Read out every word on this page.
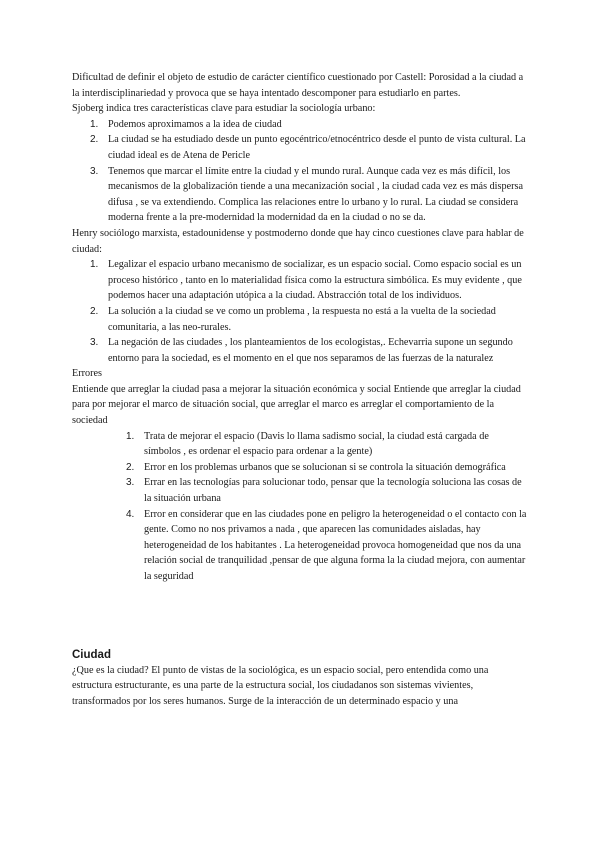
Dificultad de definir el objeto de estudio de carácter científico cuestionado por Castell: Porosidad a la ciudad a la interdisciplinariedad y provoca que se haya intentado descomponer para estudiarlo en partes.

Sjoberg indica tres características clave para estudiar la sociología urbano:

1. Podemos aproximamos a la idea de ciudad
2. La ciudad se ha estudiado desde un punto egocéntrico/etnocéntrico desde el punto de vista cultural. La ciudad ideal es de Atena de Pericle
3. Tenemos que marcar el límite entre la ciudad y el mundo rural. Aunque cada vez es más difícil, los mecanismos de la globalización tiende a una mecanización social , la ciudad cada vez es más dispersa difusa , se va extendiendo. Complica las relaciones entre lo urbano y lo rural. La ciudad se considera moderna frente a la pre-modernidad la modernidad da en la ciudad o no se da.

Henry sociólogo marxista, estadounidense y postmoderno donde que hay cinco cuestiones clave para hablar de ciudad:

1. Legalizar el espacio urbano mecanismo de socializar, es un espacio social. Como espacio social es un proceso histórico , tanto en lo materialidad física como la estructura simbólica. Es muy evidente , que        podemos hacer una adaptación utópica a la ciudad. Abstracción total de los individuos.
2. La solución a la ciudad se ve como un problema , la respuesta no está a la vuelta de la sociedad comunitaria, a las neo-rurales.
3. La negación de las ciudades , los planteamientos de los ecologistas,. Echevarria supone un segundo entorno para la sociedad, es el momento en el que nos separamos de las fuerzas de la naturalez

Errores

Entiende que arreglar la ciudad pasa a mejorar la situación económica y social Entiende que arreglar la ciudad para por mejorar el marco de situación social, que arreglar el marco es arreglar el comportamiento de la sociedad

1. Trata de mejorar el espacio (Davis lo llama sadismo social, la ciudad está cargada de símbolos , es ordenar el espacio para ordenar a la gente)
2. Error en los problemas urbanos que se solucionan si se controla la situación demográfica
3. Errar en las tecnologías para solucionar todo, pensar que la tecnología soluciona las cosas de la situación urbana
4. Error en considerar que en las ciudades pone en peligro la heterogeneidad o el contacto con la gente. Como no nos privamos a nada , que aparecen las comunidades aisladas, hay heterogeneidad de los habitantes . La heterogeneidad provoca homogeneidad que nos da una relación social de tranquilidad ,pensar de que alguna forma la la ciudad mejora, con aumentar la seguridad

Ciudad

¿Que es la ciudad? El punto de vistas de la sociológica, es un espacio social, pero entendida como una estructura estructurante, es una parte de la estructura social, los ciudadanos son sistemas vivientes, transformados por los seres humanos. Surge de la interacción de un determinado espacio y una
